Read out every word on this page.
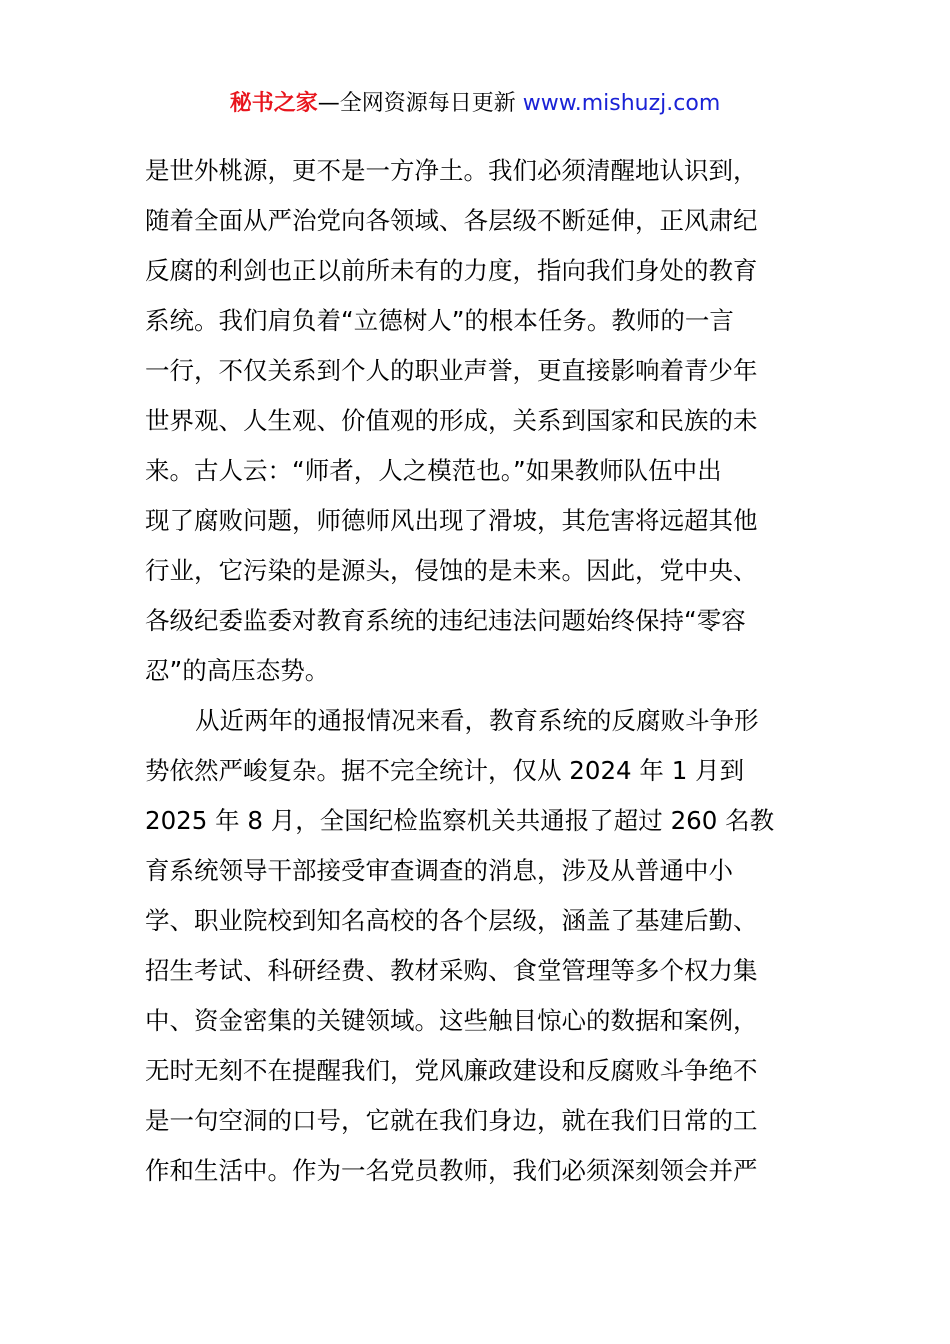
秘书之家—全网资源每日更新 www.mishuzj.com
是世外桃源，更不是一方净土。我们必须清醒地认识到，
随着全面从严治党向各领域、各层级不断延伸，正风肃纪
反腐的利剑也正以前所未有的力度，指向我们身处的教育
系统。我们肩负着“立德树人”的根本任务。教师的一言
一行，不仅关系到个人的职业声誉，更直接影响着青少年
世界观、人生观、价值观的形成，关系到国家和民族的未
来。古人云：“师者，人之模范也。”如果教师队伍中出
现了腐败问题，师德师风出现了滑坡，其危害将远超其他
行业，它污染的是源头，侵蚀的是未来。因此，党中央、
各级纪委监委对教育系统的违纪违法问题始终保持“零容
忍”的高压态势。
从近两年的通报情况来看，教育系统的反腐败斗争形
势依然严峻复杂。据不完全统计，仅从 2024 年 1 月到
2025 年 8 月，全国纪检监察机关共通报了超过 260 名教
育系统领导干部接受审查调查的消息，涉及从普通中小
学、职业院校到知名高校的各个层级，涵盖了基建后勤、
招生考试、科研经费、教材采购、食堂管理等多个权力集
中、资金密集的关键领域。这些触目惊心的数据和案例，
无时无刻不在提醒我们，党风廉政建设和反腐败斗争绝不
是一句空洞的口号，它就在我们身边，就在我们日常的工
作和生活中。作为一名党员教师，我们必须深刻领会并严
